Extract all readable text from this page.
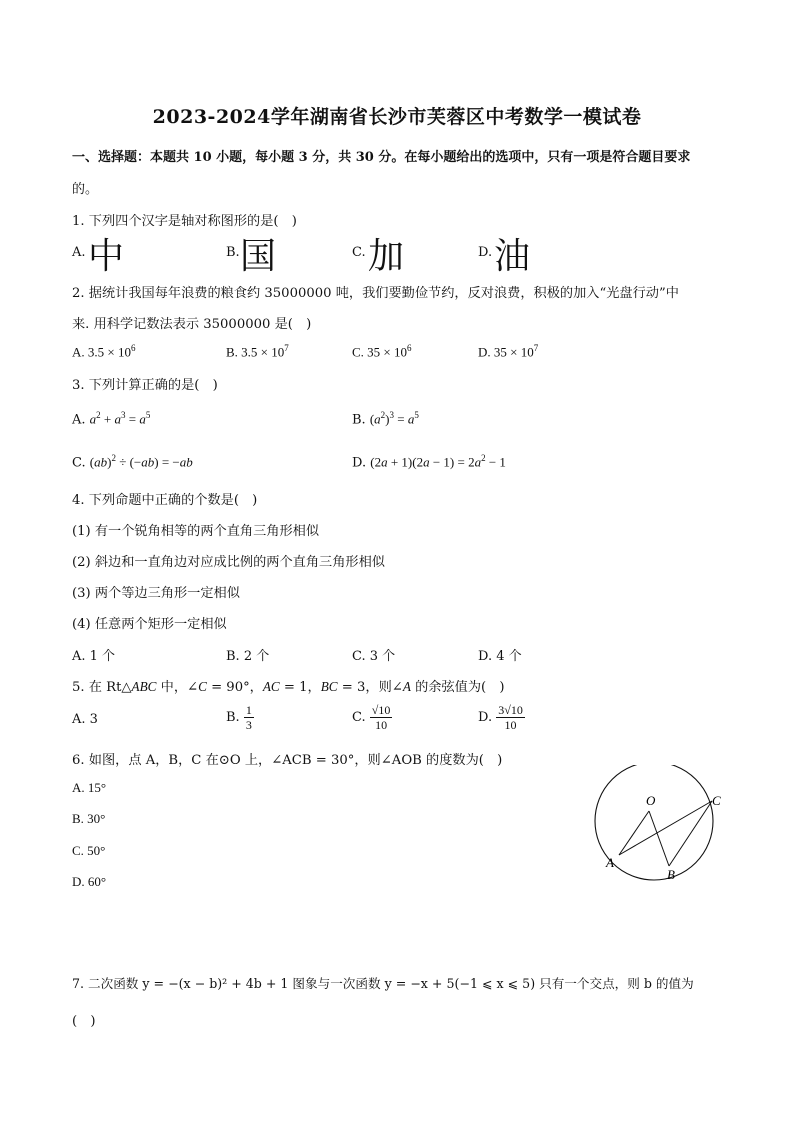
2023-2024学年湖南省长沙市芙蓉区中考数学一模试卷
一、选择题：本题共 10 小题，每小题 3 分，共 30 分。在每小题给出的选项中，只有一项是符合题目要求
的。
1. 下列四个汉字是轴对称图形的是(　)
A. 中	B. 国	C. 加	D. 油
2. 据统计我国每年浪费的粮食约 35000000 吨，我们要勤俭节约，反对浪费，积极的加入“光盘行动”中
来. 用科学记数法表示 35000000 是(　)
A. $3.5 \times 10^6$	B. $3.5 \times 10^7$	C. $35 \times 10^6$	D. $35 \times 10^7$
3. 下列计算正确的是(　)
A. $a^2 + a^3 = a^5$	B. $(a^2)^3 = a^5$
C. (ab)$^2$ ÷ (−ab) = −ab	D. $(2a + 1)(2a - 1) = 2a^2 - 1$
4. 下列命题中正确的个数是(　)
(1) 有一个锐角相等的两个直角三角形相似
(2) 斜边和一直角边对应成比例的两个直角三角形相似
(3) 两个等边三角形一定相似
(4) 任意两个矩形一定相似
A. 1 个	B. 2 个	C. 3 个	D. 4 个
5. 在 Rt△ABC 中，∠C = 90°，AC = 1，BC = 3，则∠A 的余弦值为(　)
A. 3	B. $\frac{1}{3}$	C. $\frac{√10}{10}$	D. $\frac{3√10}{10}$
6. 如图，点 A，B，C 在⊙O 上，∠ACB = 30°，则∠AOB 的度数为(　)
A. 15°
B. 30°
C. 50°
D. 60°
O
A
B
C
7. 二次函数 y = −(x − b)² + 4b + 1 图象与一次函数 y = −x + 5(−1 ⩽ x ⩽ 5) 只有一个交点，则 b 的值为
(　)
